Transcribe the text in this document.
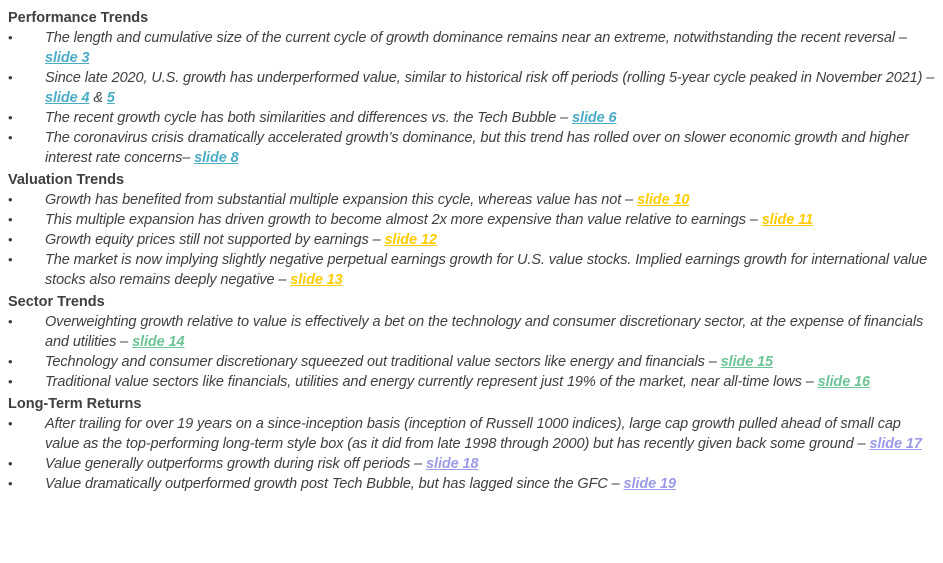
Performance Trends
• The length and cumulative size of the current cycle of growth dominance remains near an extreme, notwithstanding the recent reversal – slide 3
• Since late 2020, U.S. growth has underperformed value, similar to historical risk off periods (rolling 5-year cycle peaked in November 2021) – slide 4 & 5
• The recent growth cycle has both similarities and differences vs. the Tech Bubble – slide 6
• The coronavirus crisis dramatically accelerated growth’s dominance, but this trend has rolled over on slower economic growth and higher interest rate concerns– slide 8
Valuation Trends
• Growth has benefited from substantial multiple expansion this cycle, whereas value has not – slide 10
• This multiple expansion has driven growth to become almost 2x more expensive than value relative to earnings – slide 11
• Growth equity prices still not supported by earnings – slide 12
• The market is now implying slightly negative perpetual earnings growth for U.S. value stocks. Implied earnings growth for international value stocks also remains deeply negative – slide 13
Sector Trends
• Overweighting growth relative to value is effectively a bet on the technology and consumer discretionary sector, at the expense of financials and utilities – slide 14
• Technology and consumer discretionary squeezed out traditional value sectors like energy and financials – slide 15
• Traditional value sectors like financials, utilities and energy currently represent just 19% of the market, near all-time lows – slide 16
Long-Term Returns
• After trailing for over 19 years on a since-inception basis (inception of Russell 1000 indices), large cap growth pulled ahead of small cap value as the top-performing long-term style box (as it did from late 1998 through 2000) but has recently given back some ground – slide 17
• Value generally outperforms growth during risk off periods – slide 18
• Value dramatically outperformed growth post Tech Bubble, but has lagged since the GFC – slide 19
